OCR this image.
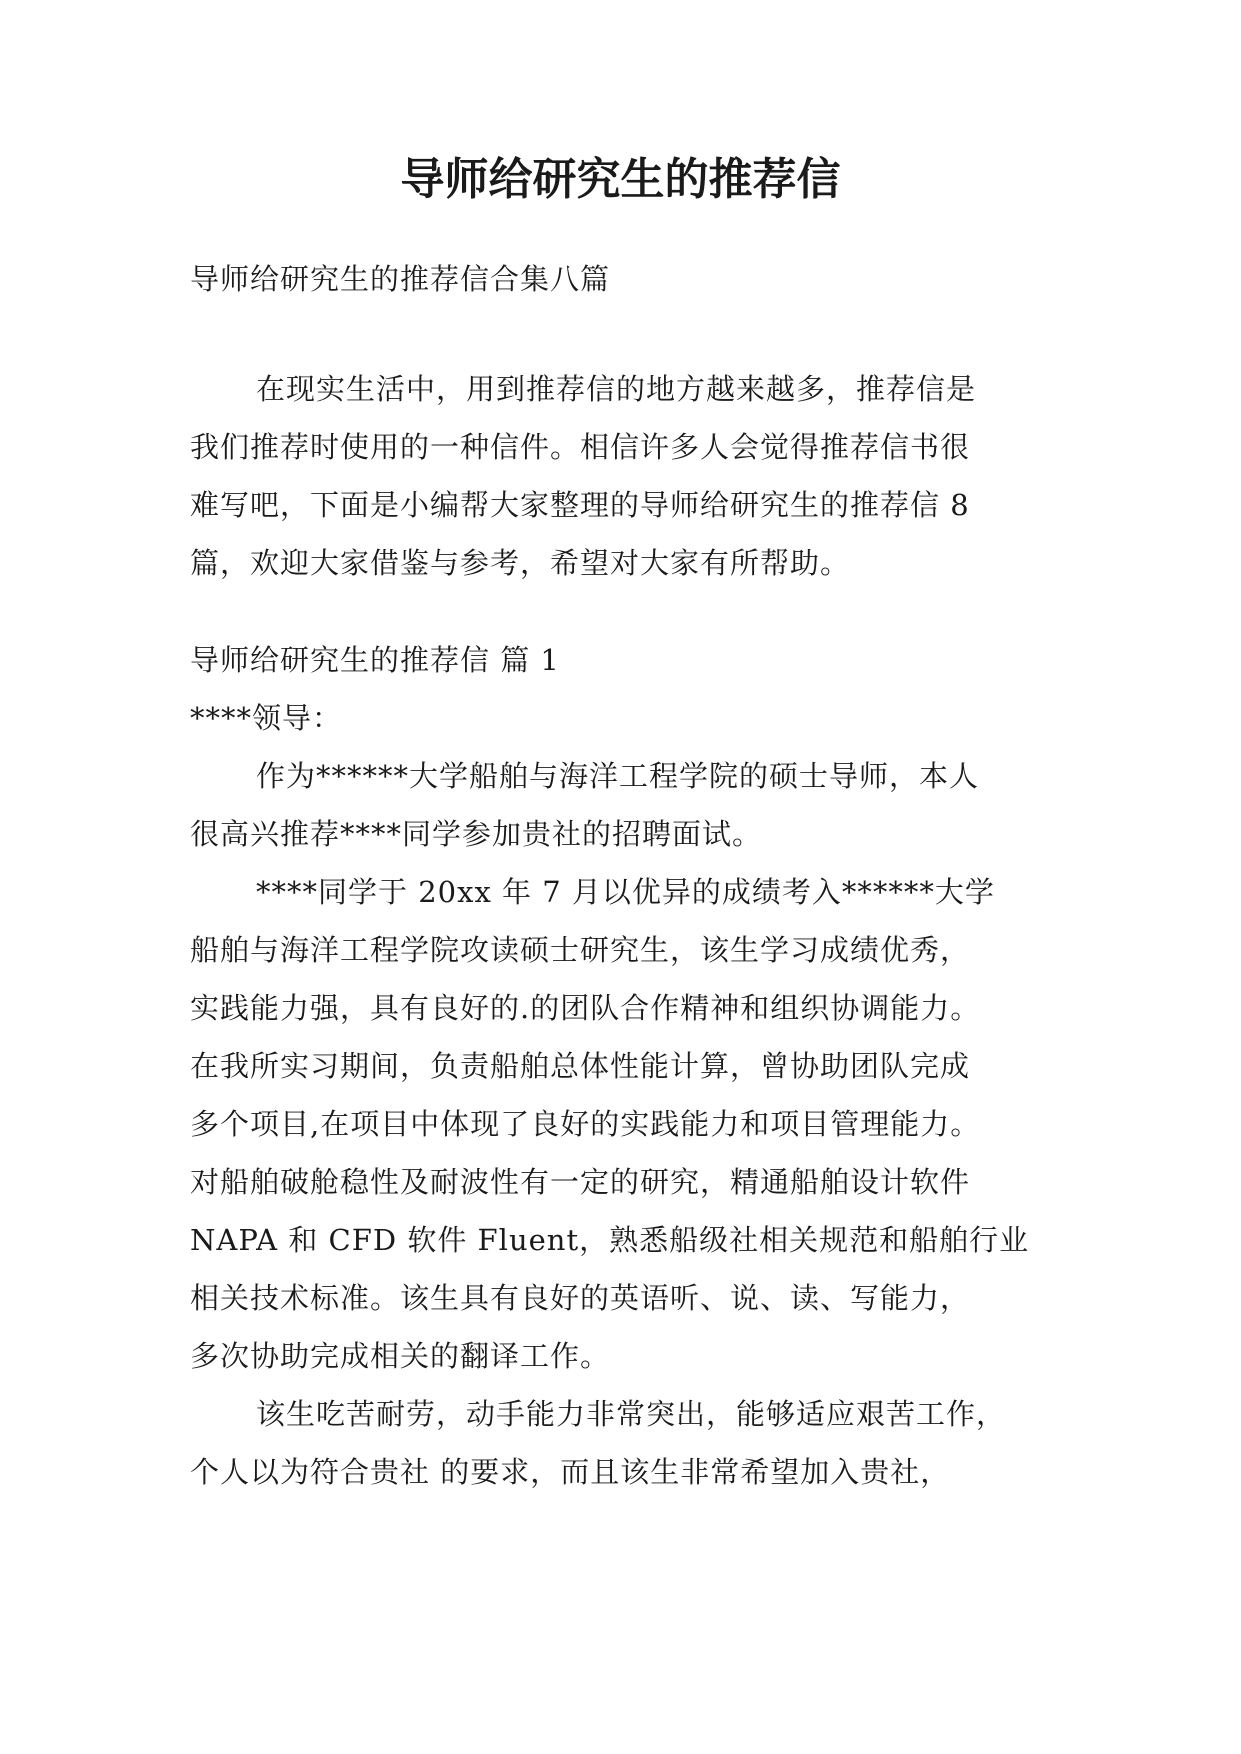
导师给研究生的推荐信

导师给研究生的推荐信合集八篇

在现实生活中，用到推荐信的地方越来越多，推荐信是

我们推荐时使用的一种信件。相信许多人会觉得推荐信书很

难写吧，下面是小编帮大家整理的导师给研究生的推荐信 8

篇，欢迎大家借鉴与参考，希望对大家有所帮助。

导师给研究生的推荐信 篇 1

****领导：

作为******大学船舶与海洋工程学院的硕士导师，本人

很高兴推荐****同学参加贵社的招聘面试。

****同学于 20xx 年 7 月以优异的成绩考入******大学

船舶与海洋工程学院攻读硕士研究生，该生学习成绩优秀，

实践能力强，具有良好的.的团队合作精神和组织协调能力。

在我所实习期间，负责船舶总体性能计算，曾协助团队完成

多个项目,在项目中体现了良好的实践能力和项目管理能力。

对船舶破舱稳性及耐波性有一定的研究，精通船舶设计软件

NAPA 和 CFD 软件 Fluent，熟悉船级社相关规范和船舶行业

相关技术标准。该生具有良好的英语听、说、读、写能力，

多次协助完成相关的翻译工作。

该生吃苦耐劳，动手能力非常突出，能够适应艰苦工作，

个人以为符合贵社 的要求，而且该生非常希望加入贵社，
